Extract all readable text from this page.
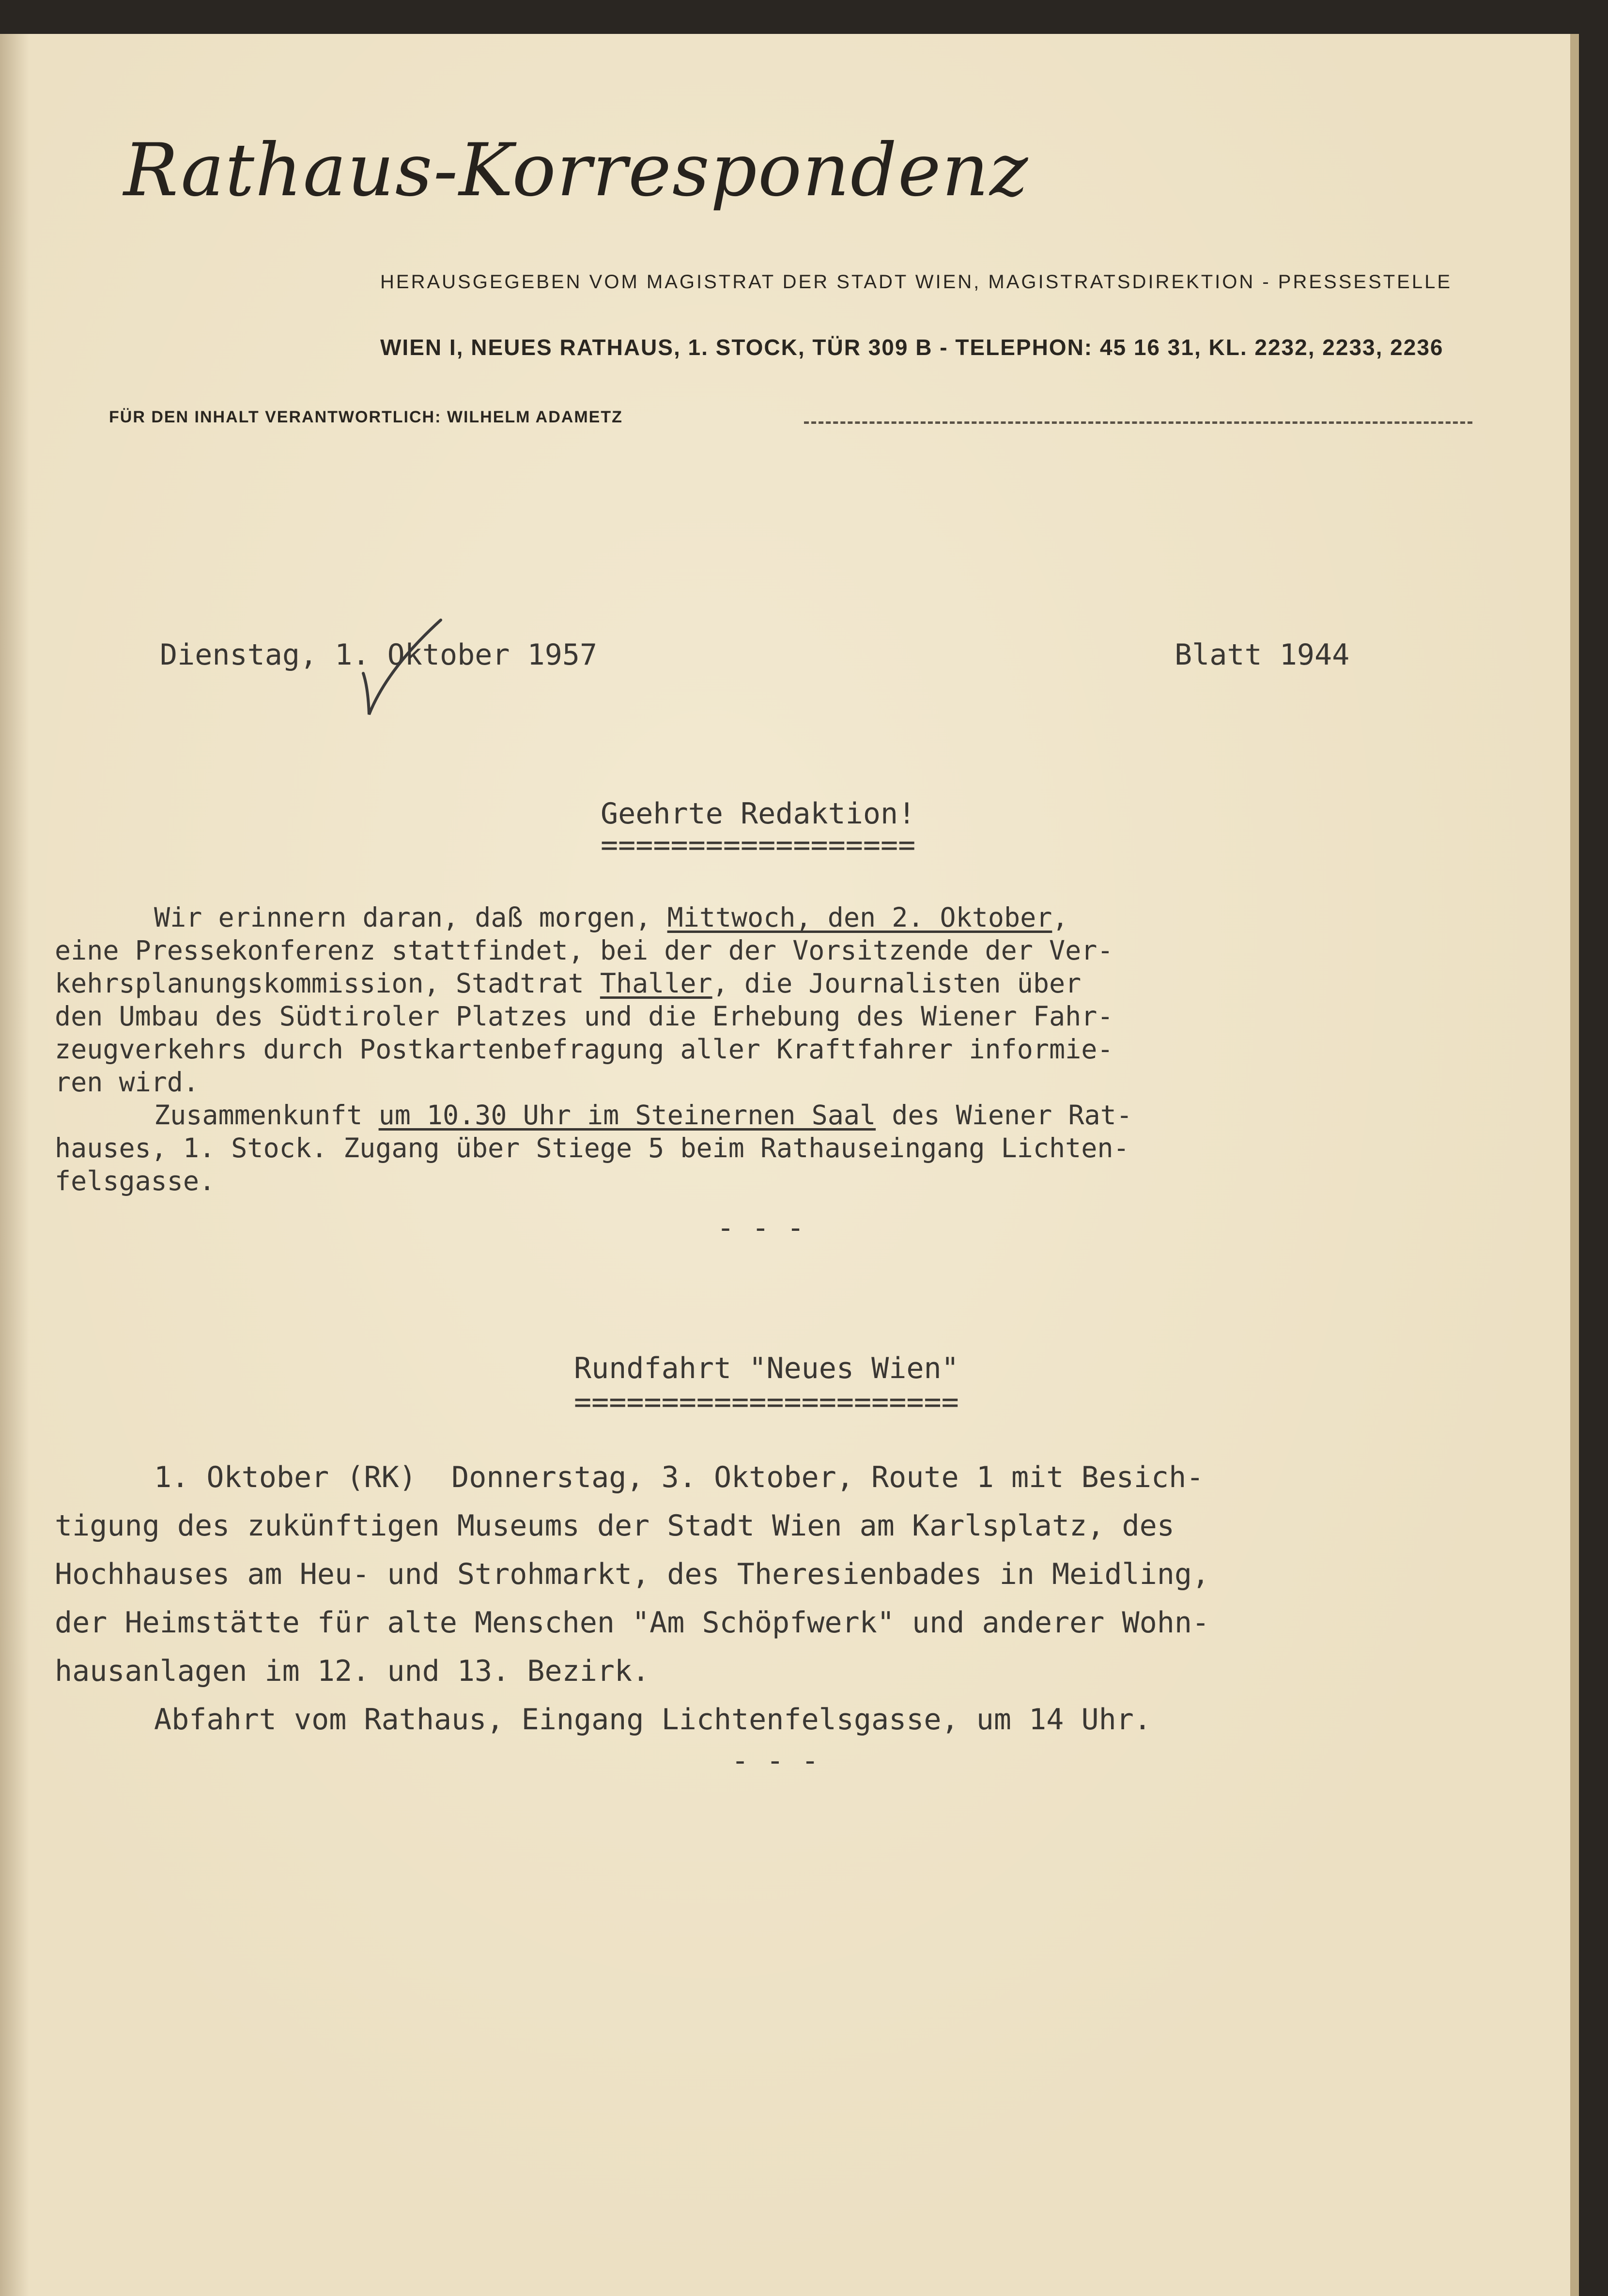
Rathaus-Korrespondenz
HERAUSGEGEBEN VOM MAGISTRAT DER STADT WIEN, MAGISTRATSDIREKTION - PRESSESTELLE
WIEN I, NEUES RATHAUS, 1. STOCK, TÜR 309 B - TELEPHON: 45 16 31, KL. 2232, 2233, 2236
FÜR DEN INHALT VERANTWORTLICH: WILHELM ADAMETZ
Dienstag, 1. Oktober 1957	Blatt 1944
Geehrte Redaktion!
==================
Wir erinnern daran, daß morgen, Mittwoch, den 2. Oktober,
eine Pressekonferenz stattfindet, bei der der Vorsitzende der Ver-
kehrsplanungskommission, Stadtrat Thaller, die Journalisten über
den Umbau des Südtiroler Platzes und die Erhebung des Wiener Fahr-
zeugverkehrs durch Postkartenbefragung aller Kraftfahrer informie-
ren wird.
Zusammenkunft um 10.30 Uhr im Steinernen Saal des Wiener Rat-
hauses, 1. Stock. Zugang über Stiege 5 beim Rathauseingang Lichten-
felsgasse.
- - -
Rundfahrt "Neues Wien"
======================
1. Oktober (RK)  Donnerstag, 3. Oktober, Route 1 mit Besich-
tigung des zukünftigen Museums der Stadt Wien am Karlsplatz, des
Hochhauses am Heu- und Strohmarkt, des Theresienbades in Meidling,
der Heimstätte für alte Menschen "Am Schöpfwerk" und anderer Wohn-
hausanlagen im 12. und 13. Bezirk.
Abfahrt vom Rathaus, Eingang Lichtenfelsgasse, um 14 Uhr.
- - -
